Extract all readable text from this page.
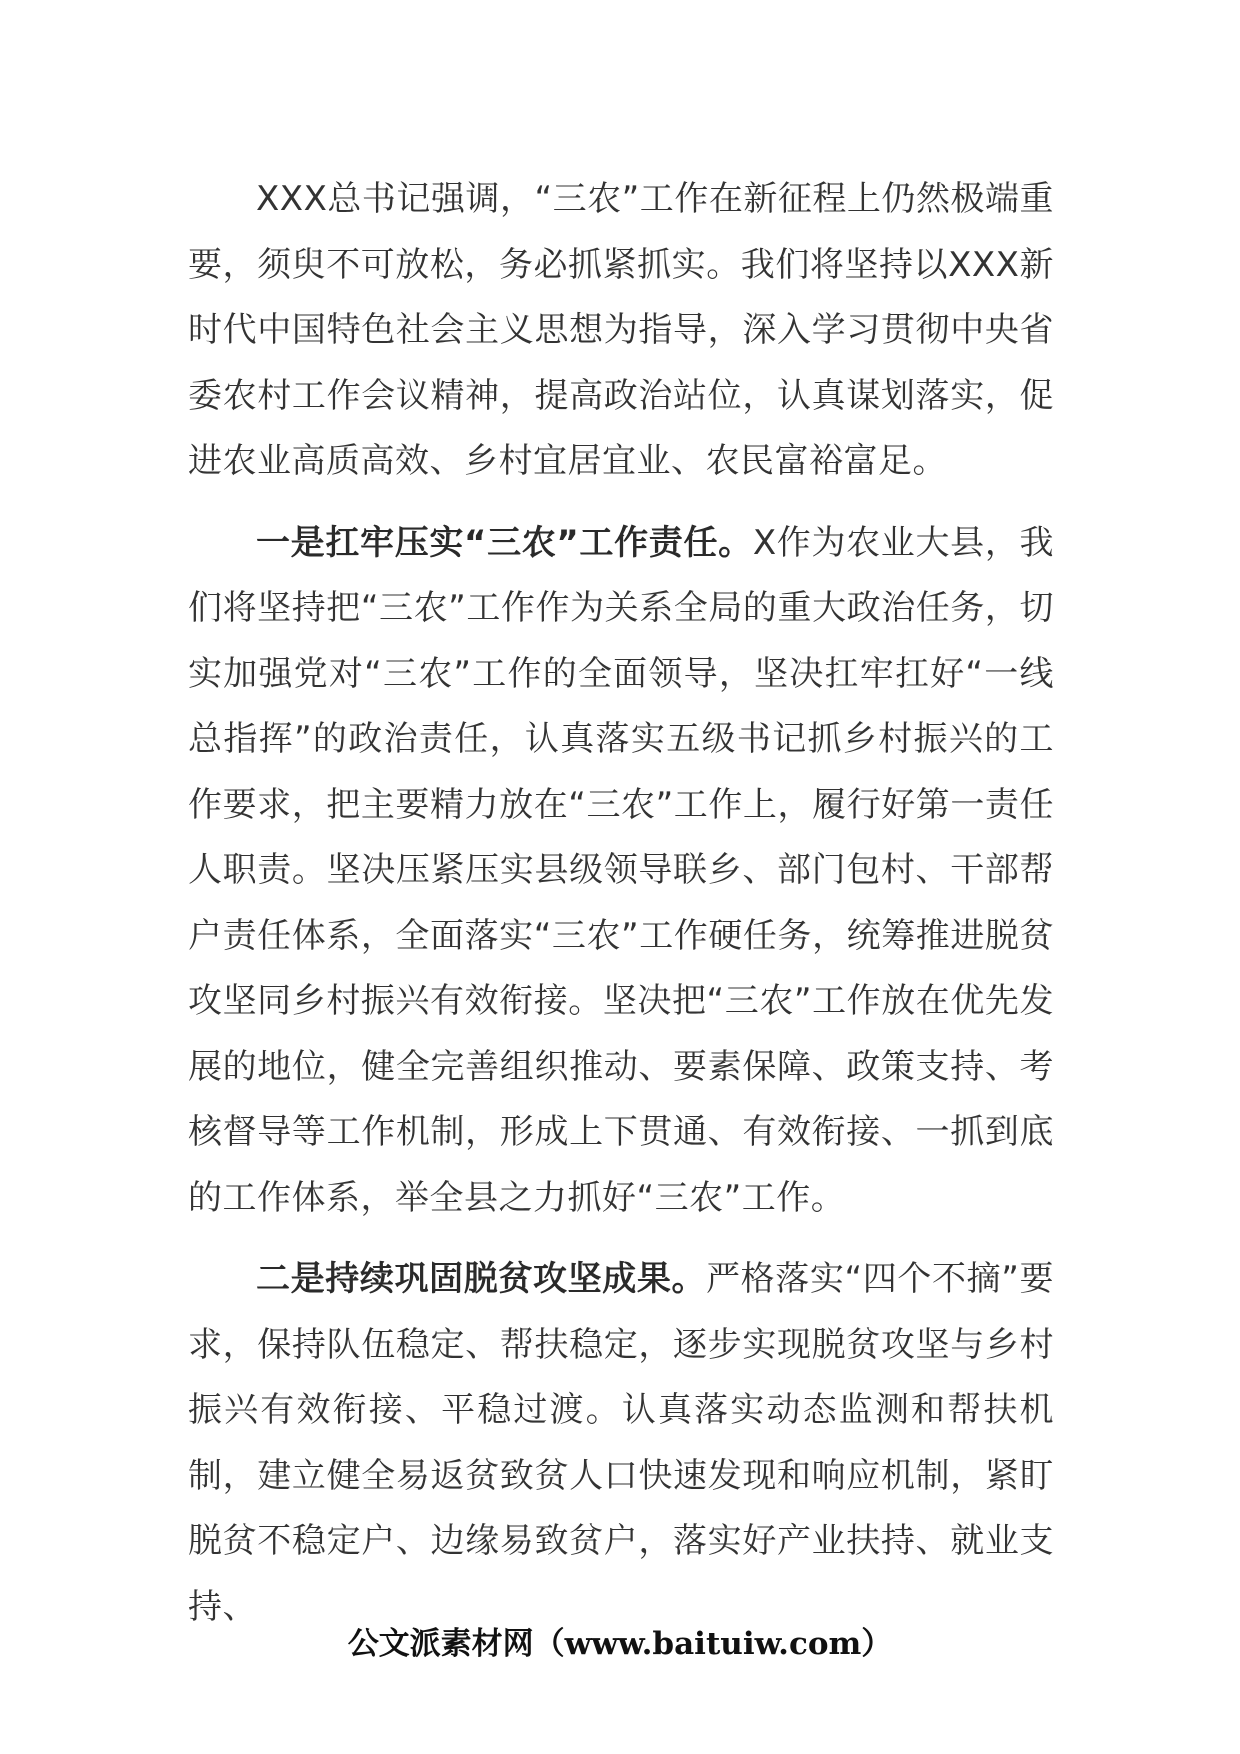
XXX总书记强调，“三农”工作在新征程上仍然极端重要，须臾不可放松，务必抓紧抓实。我们将坚持以XXX新时代中国特色社会主义思想为指导，深入学习贯彻中央省委农村工作会议精神，提高政治站位，认真谋划落实，促进农业高质高效、乡村宜居宜业、农民富裕富足。

一是扛牢压实“三农”工作责任。X作为农业大县，我们将坚持把“三农”工作作为关系全局的重大政治任务，切实加强党对“三农”工作的全面领导，坚决扛牢扛好“一线总指挥”的政治责任，认真落实五级书记抓乡村振兴的工作要求，把主要精力放在“三农”工作上，履行好第一责任人职责。坚决压紧压实县级领导联乡、部门包村、干部帮户责任体系，全面落实“三农”工作硬任务，统筹推进脱贫攻坚同乡村振兴有效衔接。坚决把“三农”工作放在优先发展的地位，健全完善组织推动、要素保障、政策支持、考核督导等工作机制，形成上下贯通、有效衔接、一抓到底的工作体系，举全县之力抓好“三农”工作。

二是持续巩固脱贫攻坚成果。严格落实“四个不摘”要求，保持队伍稳定、帮扶稳定，逐步实现脱贫攻坚与乡村振兴有效衔接、平稳过渡。认真落实动态监测和帮扶机制，建立健全易返贫致贫人口快速发现和响应机制，紧盯脱贫不稳定户、边缘易致贫户，落实好产业扶持、就业支持、

公文派素材网（www.baituiw.com）
